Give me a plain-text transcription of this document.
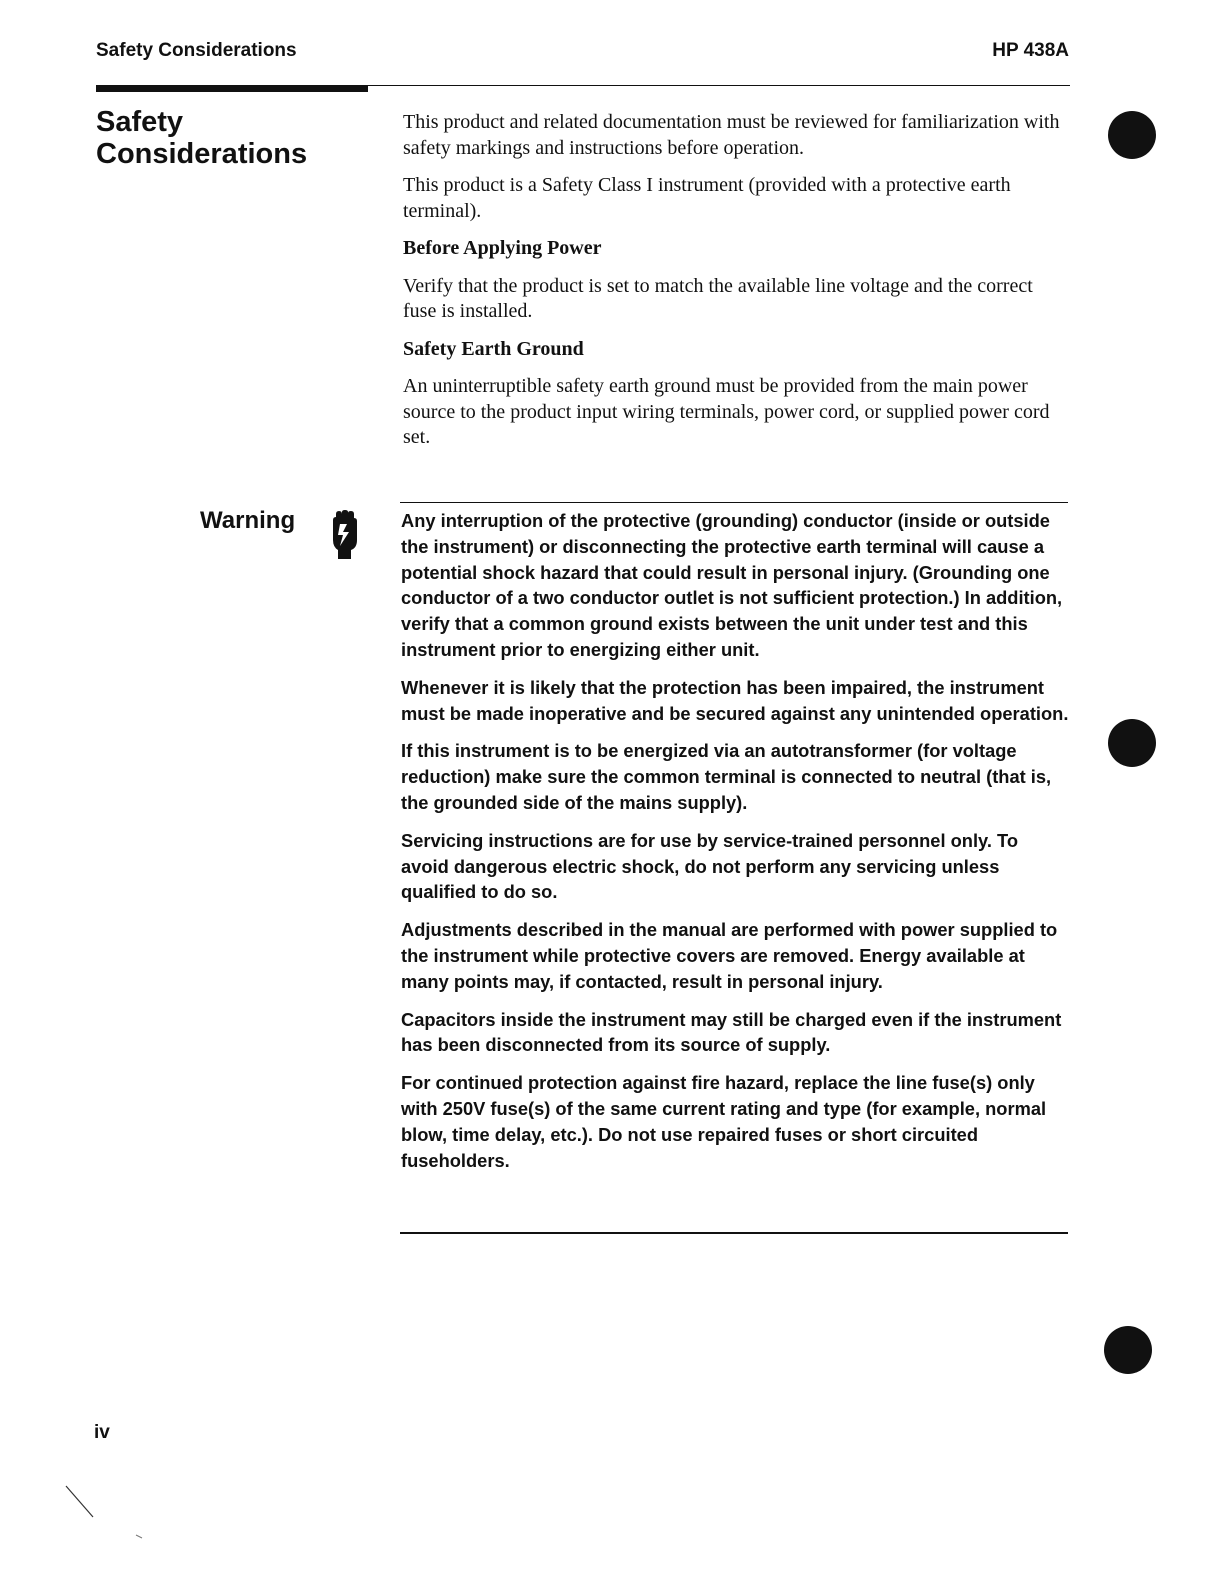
Safety Considerations	HP 438A
Safety
Considerations

This product and related documentation must be reviewed for familiarization with safety markings and instructions before operation.

This product is a Safety Class I instrument (provided with a protective earth terminal).

Before Applying Power

Verify that the product is set to match the available line voltage and the correct fuse is installed.

Safety Earth Ground

An uninterruptible safety earth ground must be provided from the main power source to the product input wiring terminals, power cord, or supplied power cord set.

Warning	Any interruption of the protective (grounding) conductor (inside or outside the instrument) or disconnecting the protective earth terminal will cause a potential shock hazard that could result in personal injury. (Grounding one conductor of a two conductor outlet is not sufficient protection.) In addition, verify that a common ground exists between the unit under test and this instrument prior to energizing either unit.

Whenever it is likely that the protection has been impaired, the instrument must be made inoperative and be secured against any unintended operation.

If this instrument is to be energized via an autotransformer (for voltage reduction) make sure the common terminal is connected to neutral (that is, the grounded side of the mains supply).

Servicing instructions are for use by service-trained personnel only. To avoid dangerous electric shock, do not perform any servicing unless qualified to do so.

Adjustments described in the manual are performed with power supplied to the instrument while protective covers are removed. Energy available at many points may, if contacted, result in personal injury.

Capacitors inside the instrument may still be charged even if the instrument has been disconnected from its source of supply.

For continued protection against fire hazard, replace the line fuse(s) only with 250V fuse(s) of the same current rating and type (for example, normal blow, time delay, etc.). Do not use repaired fuses or short circuited fuseholders.

iv
